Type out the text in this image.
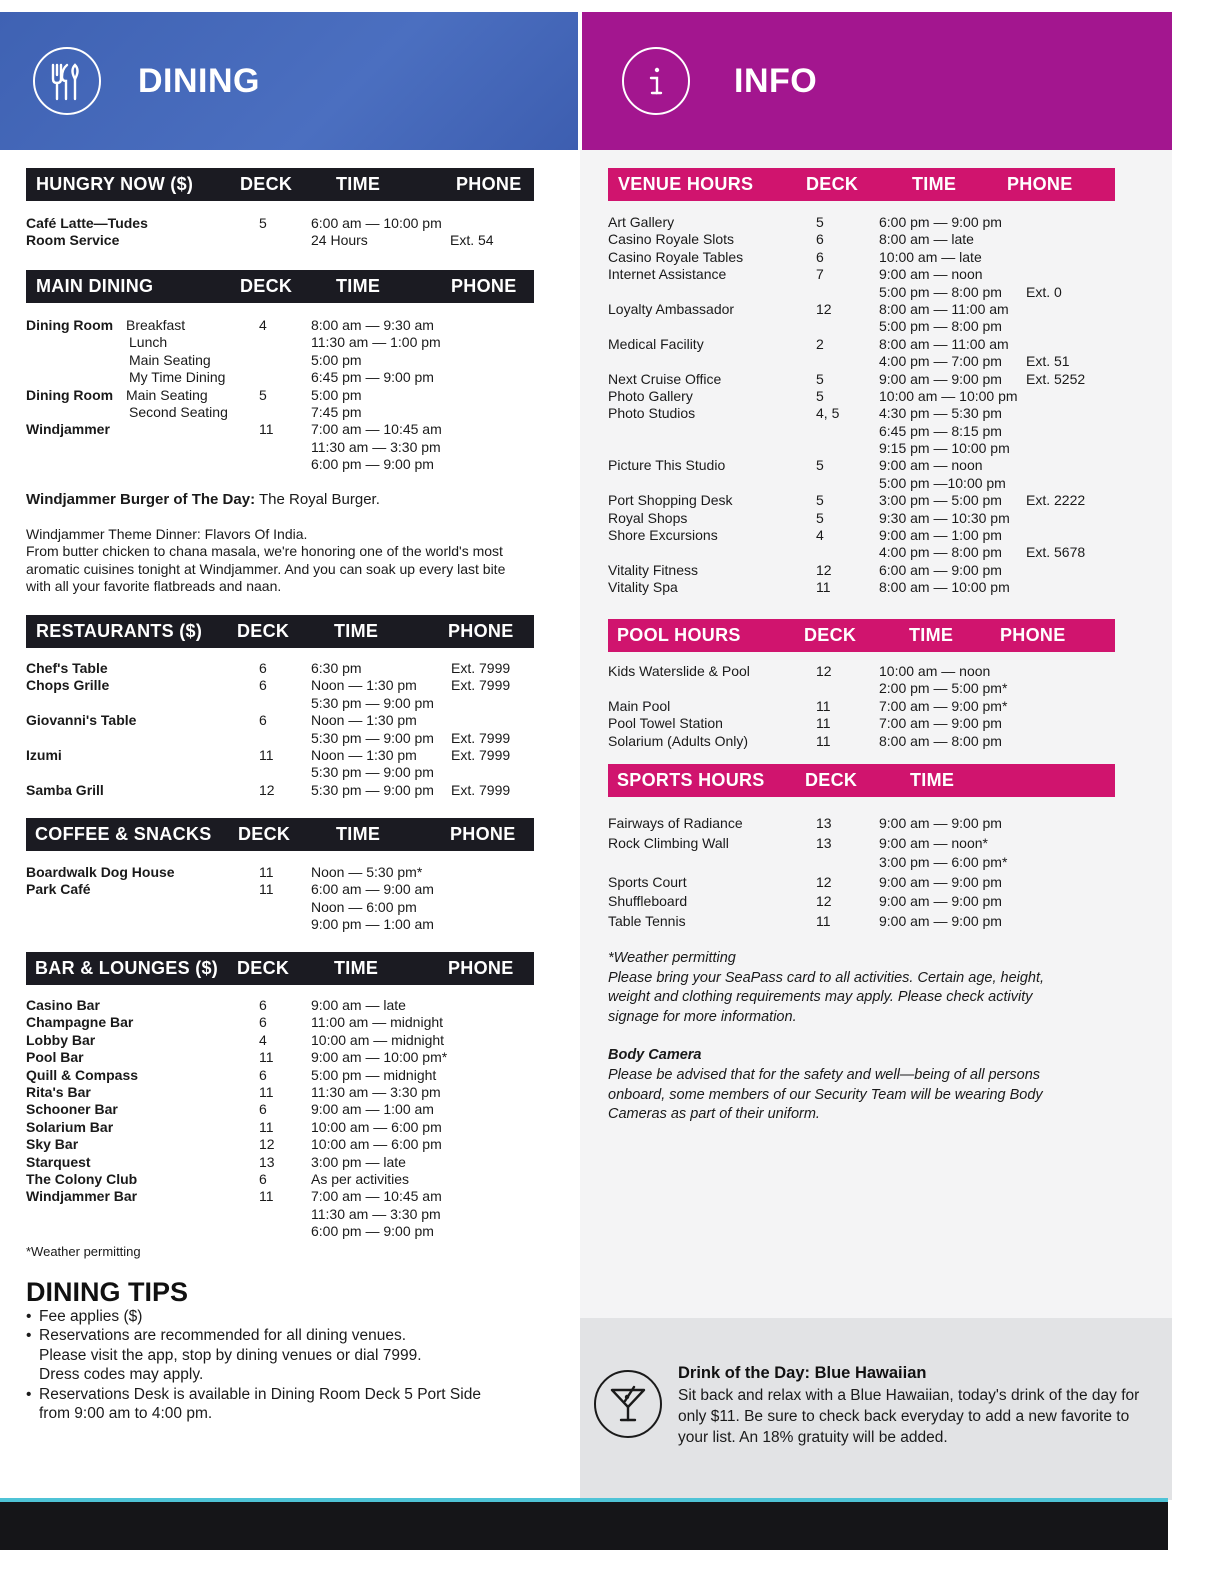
DINING	INFO
HUNGRY NOW ($)	DECK TIME	PHONE
Café Latte—Tudes	5	6:00 am — 10:00 pm
Room Service	24 Hours	Ext. 54
MAIN DINING	DECK TIME	PHONE
Dining Room Breakfast	4	8:00 am — 9:30 am
Lunch	11:30 am — 1:00 pm
Main Seating	5:00 pm
My Time Dining	6:45 pm — 9:00 pm
Dining Room Main Seating	5	5:00 pm
Second Seating	7:45 pm
Windjammer	11	7:00 am — 10:45 am
11:30 am — 3:30 pm
6:00 pm — 9:00 pm
Windjammer Burger of The Day: The Royal Burger.
Windjammer Theme Dinner: Flavors Of India.
From butter chicken to chana masala, we're honoring one of the world's most
aromatic cuisines tonight at Windjammer. And you can soak up every last bite
with all your favorite flatbreads and naan.
RESTAURANTS ($) DECK TIME	PHONE
Chef's Table	6	6:30 pm	Ext. 7999
Chops Grille	6	Noon — 1:30 pm Ext. 7999
5:30 pm — 9:00 pm
Giovanni's Table	6	Noon — 1:30 pm
5:30 pm — 9:00 pm Ext. 7999
Izumi	11	Noon — 1:30 pm Ext. 7999
5:30 pm — 9:00 pm
Samba Grill	12	5:30 pm — 9:00 pm Ext. 7999
COFFEE & SNACKS DECK	TIME	PHONE
Boardwalk Dog House	11	Noon — 5:30 pm*
Park Café	11	6:00 am — 9:00 am
Noon — 6:00 pm
9:00 pm — 1:00 am
BAR & LOUNGES ($) DECK TIME	PHONE
Casino Bar	6	9:00 am — late
Champagne Bar	6	11:00 am — midnight
Lobby Bar	4	10:00 am — midnight
Pool Bar	11	9:00 am — 10:00 pm*
Quill & Compass	6	5:00 pm — midnight
Rita's Bar	11	11:30 am — 3:30 pm
Schooner Bar	6	9:00 am — 1:00 am
Solarium Bar	11	10:00 am — 6:00 pm
Sky Bar	12	10:00 am — 6:00 pm
Starquest	13	3:00 pm — late
The Colony Club	6	As per activities
Windjammer Bar	11	7:00 am — 10:45 am
11:30 am — 3:30 pm
6:00 pm — 9:00 pm
*Weather permitting
DINING TIPS
• Fee applies ($)
• Reservations are recommended for all dining venues.
Please visit the app, stop by dining venues or dial 7999.
Dress codes may apply.
• Reservations Desk is available in Dining Room Deck 5 Port Side
from 9:00 am to 4:00 pm.
VENUE HOURS	DECK	TIME	PHONE
Art Gallery	5	6:00 pm — 9:00 pm
Casino Royale Slots	6	8:00 am — late
Casino Royale Tables	6	10:00 am — late
Internet Assistance	7	9:00 am — noon
5:00 pm — 8:00 pm Ext. 0
Loyalty Ambassador	12	8:00 am — 11:00 am
5:00 pm — 8:00 pm
Medical Facility	2	8:00 am — 11:00 am
4:00 pm — 7:00 pm Ext. 51
Next Cruise Office	5	9:00 am — 9:00 pm Ext. 5252
Photo Gallery	5	10:00 am — 10:00 pm
Photo Studios	4, 5	4:30 pm — 5:30 pm
6:45 pm — 8:15 pm
9:15 pm — 10:00 pm
Picture This Studio	5	9:00 am — noon
5:00 pm —10:00 pm
Port Shopping Desk	5	3:00 pm — 5:00 pm Ext. 2222
Royal Shops	5	9:30 am — 10:30 pm
Shore Excursions	4	9:00 am — 1:00 pm
4:00 pm — 8:00 pm Ext. 5678
Vitality Fitness	12	6:00 am — 9:00 pm
Vitality Spa	11	8:00 am — 10:00 pm
POOL HOURS	DECK	TIME	PHONE
Kids Waterslide & Pool	12	10:00 am — noon
2:00 pm — 5:00 pm*
Main Pool	11	7:00 am — 9:00 pm*
Pool Towel Station	11	7:00 am — 9:00 pm
Solarium (Adults Only)	11	8:00 am — 8:00 pm
SPORTS HOURS DECK	TIME
Fairways of Radiance	13	9:00 am — 9:00 pm
Rock Climbing Wall	13	9:00 am — noon*
3:00 pm — 6:00 pm*
Sports Court	12	9:00 am — 9:00 pm
Shuffleboard	12	9:00 am — 9:00 pm
Table Tennis	11	9:00 am — 9:00 pm
*Weather permitting
Please bring your SeaPass card to all activities. Certain age, height,
weight and clothing requirements may apply. Please check activity
signage for more information.
Body Camera
Please be advised that for the safety and well—being of all persons
onboard, some members of our Security Team will be wearing Body
Cameras as part of their uniform.
Drink of the Day: Blue Hawaiian
Sit back and relax with a Blue Hawaiian, today's drink of the day for only $11. Be sure to check back everyday to add a new favorite to your list. An 18% gratuity will be added.
